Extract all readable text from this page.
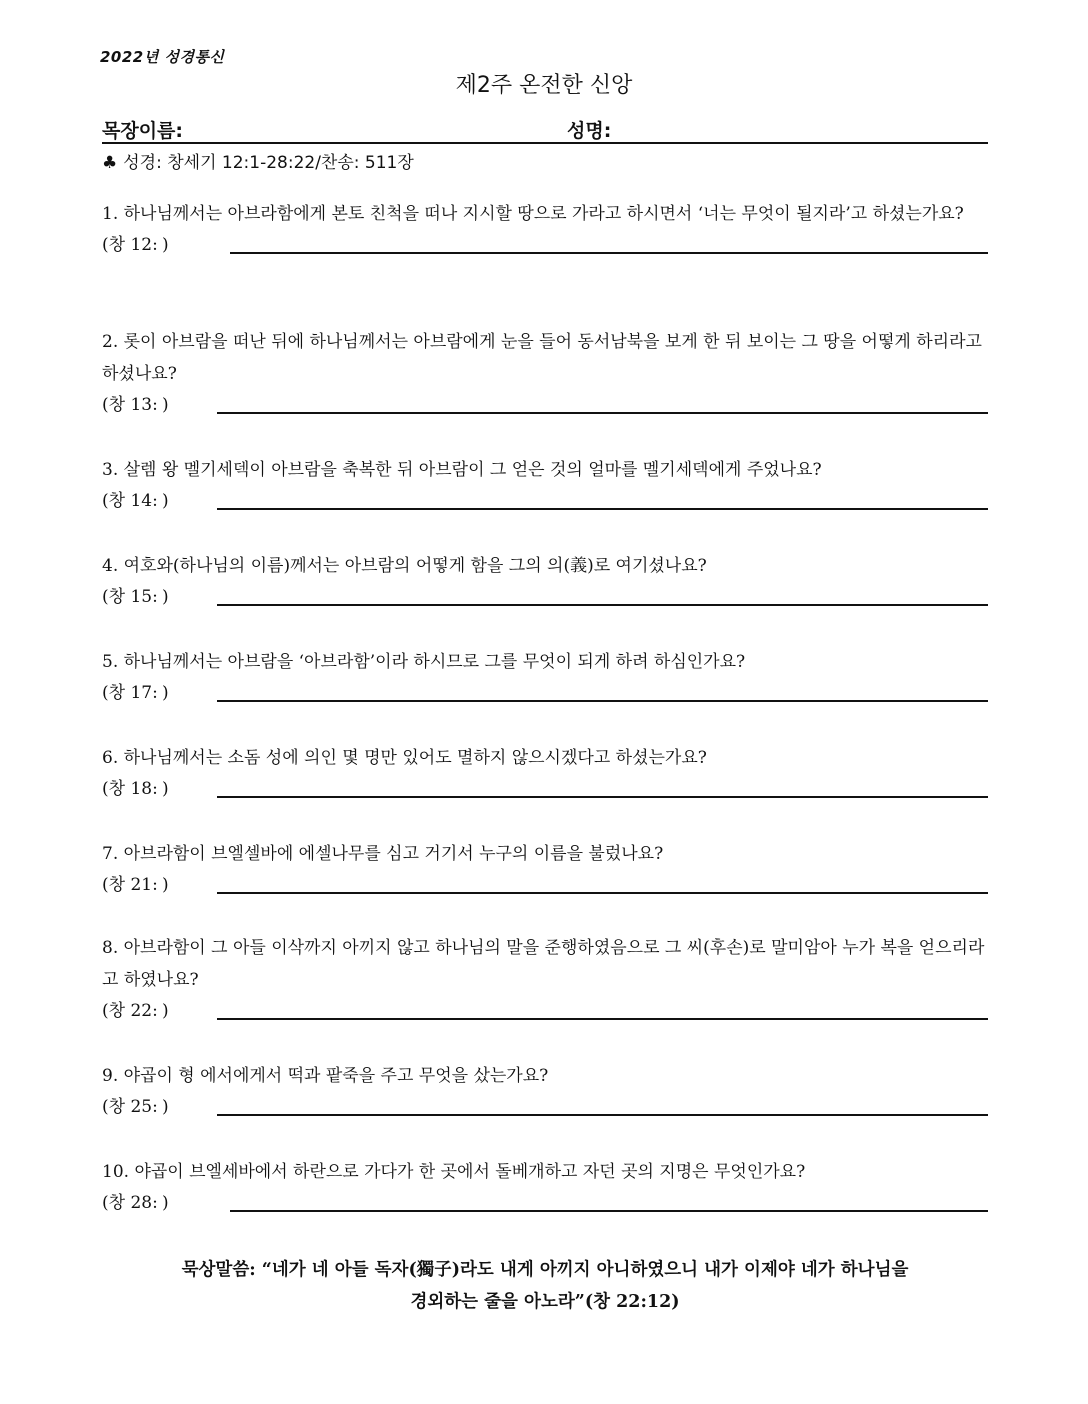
2022년 성경통신
제2주 온전한 신앙
목장이름:	성명:
♣ 성경: 창세기 12:1-28:22/찬송: 511장
1. 하나님께서는 아브라함에게 본토 친척을 떠나 지시할 땅으로 가라고 하시면서 ‘너는 무엇이 될지라’고 하셨는가요?
(창 12: )
2. 롯이 아브람을 떠난 뒤에 하나님께서는 아브람에게 눈을 들어 동서남북을 보게 한 뒤 보이는 그 땅을 어떻게 하리라고 하셨나요?
(창 13: )
3. 살렘 왕 멜기세덱이 아브람을 축복한 뒤 아브람이 그 얻은 것의 얼마를 멜기세덱에게 주었나요?
(창 14: )
4. 여호와(하나님의 이름)께서는 아브람의 어떻게 함을 그의 의(義)로 여기셨나요?
(창 15: )
5. 하나님께서는 아브람을 ‘아브라함’이라 하시므로 그를 무엇이 되게 하려 하심인가요?
(창 17: )
6. 하나님께서는 소돔 성에 의인 몇 명만 있어도 멸하지 않으시겠다고 하셨는가요?
(창 18: )
7. 아브라함이 브엘셀바에 에셀나무를 심고 거기서 누구의 이름을 불렀나요?
(창 21: )
8. 아브라함이 그 아들 이삭까지 아끼지 않고 하나님의 말을 준행하였음으로 그 씨(후손)로 말미암아 누가 복을 얻으리라고 하였나요?
(창 22: )
9. 야곱이 형 에서에게서 떡과 팥죽을 주고 무엇을 샀는가요?
(창 25: )
10. 야곱이 브엘세바에서 하란으로 가다가 한 곳에서 돌베개하고 자던 곳의 지명은 무엇인가요?
(창 28: )
묵상말씀: “네가 네 아들 독자(獨子)라도 내게 아끼지 아니하였으니 내가 이제야 네가 하나님을
경외하는 줄을 아노라”(창 22:12)
